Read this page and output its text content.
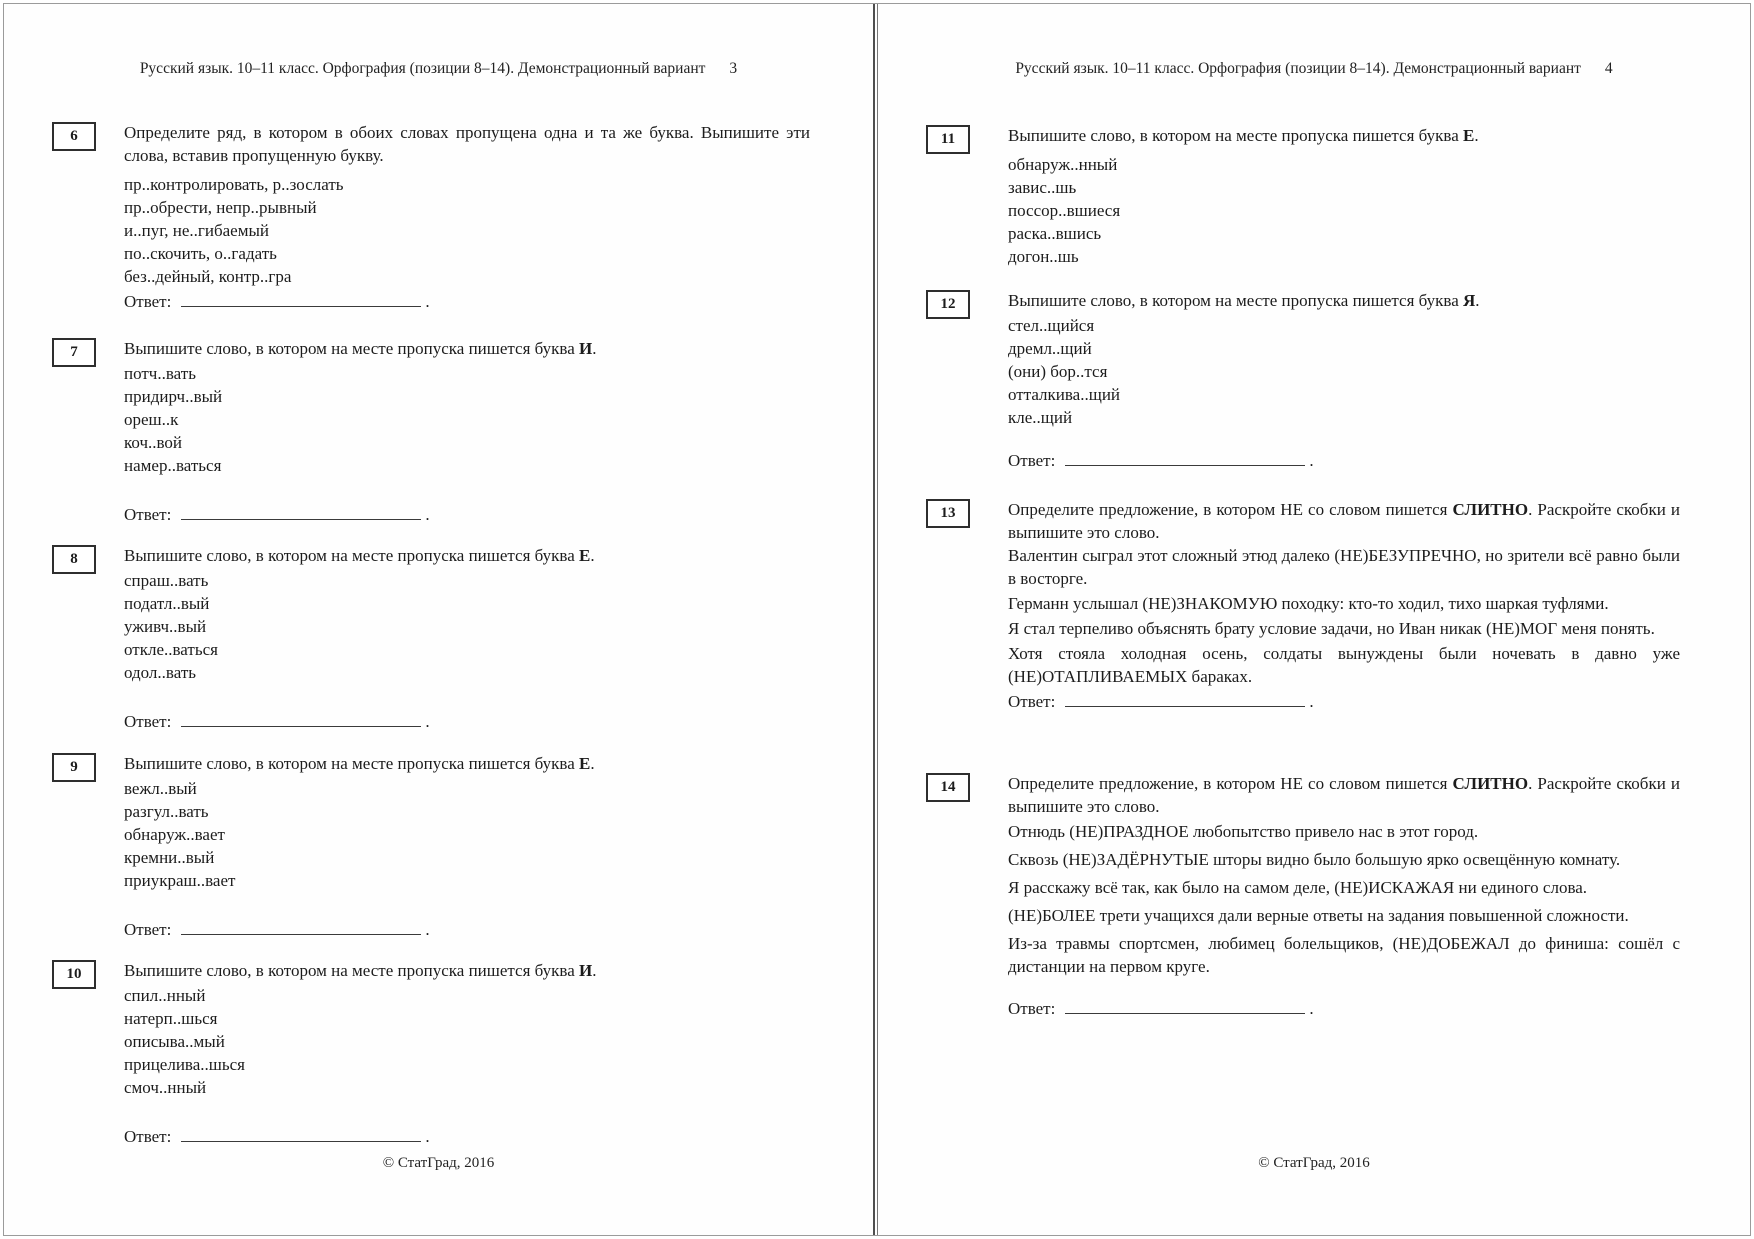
Русский язык. 10–11 класс. Орфография (позиции 8–14). Демонстрационный вариант 3
6	Определите ряд, в котором в обоих словах пропущена одна и та же буква. Выпишите эти слова, вставив пропущенную букву.

пр..контролировать, р..зослать
пр..обрести, непр..рывный
и..пуг, не..гибаемый
по..скочить, о..гадать
без..дейный, контр..гра
Ответ:	.
7	Выпишите слово, в котором на месте пропуска пишется буква И.

потч..вать
придирч..вый
ореш..к
коч..вой
намер..ваться
Ответ:	.
8	Выпишите слово, в котором на месте пропуска пишется буква Е.

спраш..вать
податл..вый
уживч..вый
откле..ваться
одол..вать
Ответ:	.
9	Выпишите слово, в котором на месте пропуска пишется буква Е.

вежл..вый
разгул..вать
обнаруж..вает
кремни..вый
приукраш..вает
Ответ:	.
10	Выпишите слово, в котором на месте пропуска пишется буква И.

спил..нный
натерп..шься
описыва..мый
прицелива..шься
смоч..нный
Ответ:	.
© СтатГрад, 2016
Русский язык. 10–11 класс. Орфография (позиции 8–14). Демонстрационный вариант 4
11	Выпишите слово, в котором на месте пропуска пишется буква Е.

обнаруж..нный
завис..шь
поссор..вшиеся
раска..вшись
догон..шь
12	Выпишите слово, в котором на месте пропуска пишется буква Я.

стел..щийся
дремл..щий
(они) бор..тся
отталкива..щий
кле..щий
Ответ:	.
13	Определите предложение, в котором НЕ со словом пишется СЛИТНО. Раскройте скобки и выпишите это слово.

Валентин сыграл этот сложный этюд далеко (НЕ)БЕЗУПРЕЧНО, но зрители всё равно были в восторге.

Германн услышал (НЕ)ЗНАКОМУЮ походку: кто-то ходил, тихо шаркая туфлями.

Я стал терпеливо объяснять брату условие задачи, но Иван никак (НЕ)МОГ меня понять.

Хотя стояла холодная осень, солдаты вынуждены были ночевать в давно уже (НЕ)ОТАПЛИВАЕМЫХ бараках.

Ответ:	.
14	Определите предложение, в котором НЕ со словом пишется СЛИТНО. Раскройте скобки и выпишите это слово.

Отнюдь (НЕ)ПРАЗДНОЕ любопытство привело нас в этот город.

Сквозь (НЕ)ЗАДЁРНУТЫЕ шторы видно было большую ярко освещённую комнату.

Я расскажу всё так, как было на самом деле, (НЕ)ИСКАЖАЯ ни единого слова.

(НЕ)БОЛЕЕ трети учащихся дали верные ответы на задания повышенной сложности.

Из-за травмы спортсмен, любимец болельщиков, (НЕ)ДОБЕЖАЛ до финиша: сошёл с дистанции на первом круге.

Ответ:	.
© СтатГрад, 2016
